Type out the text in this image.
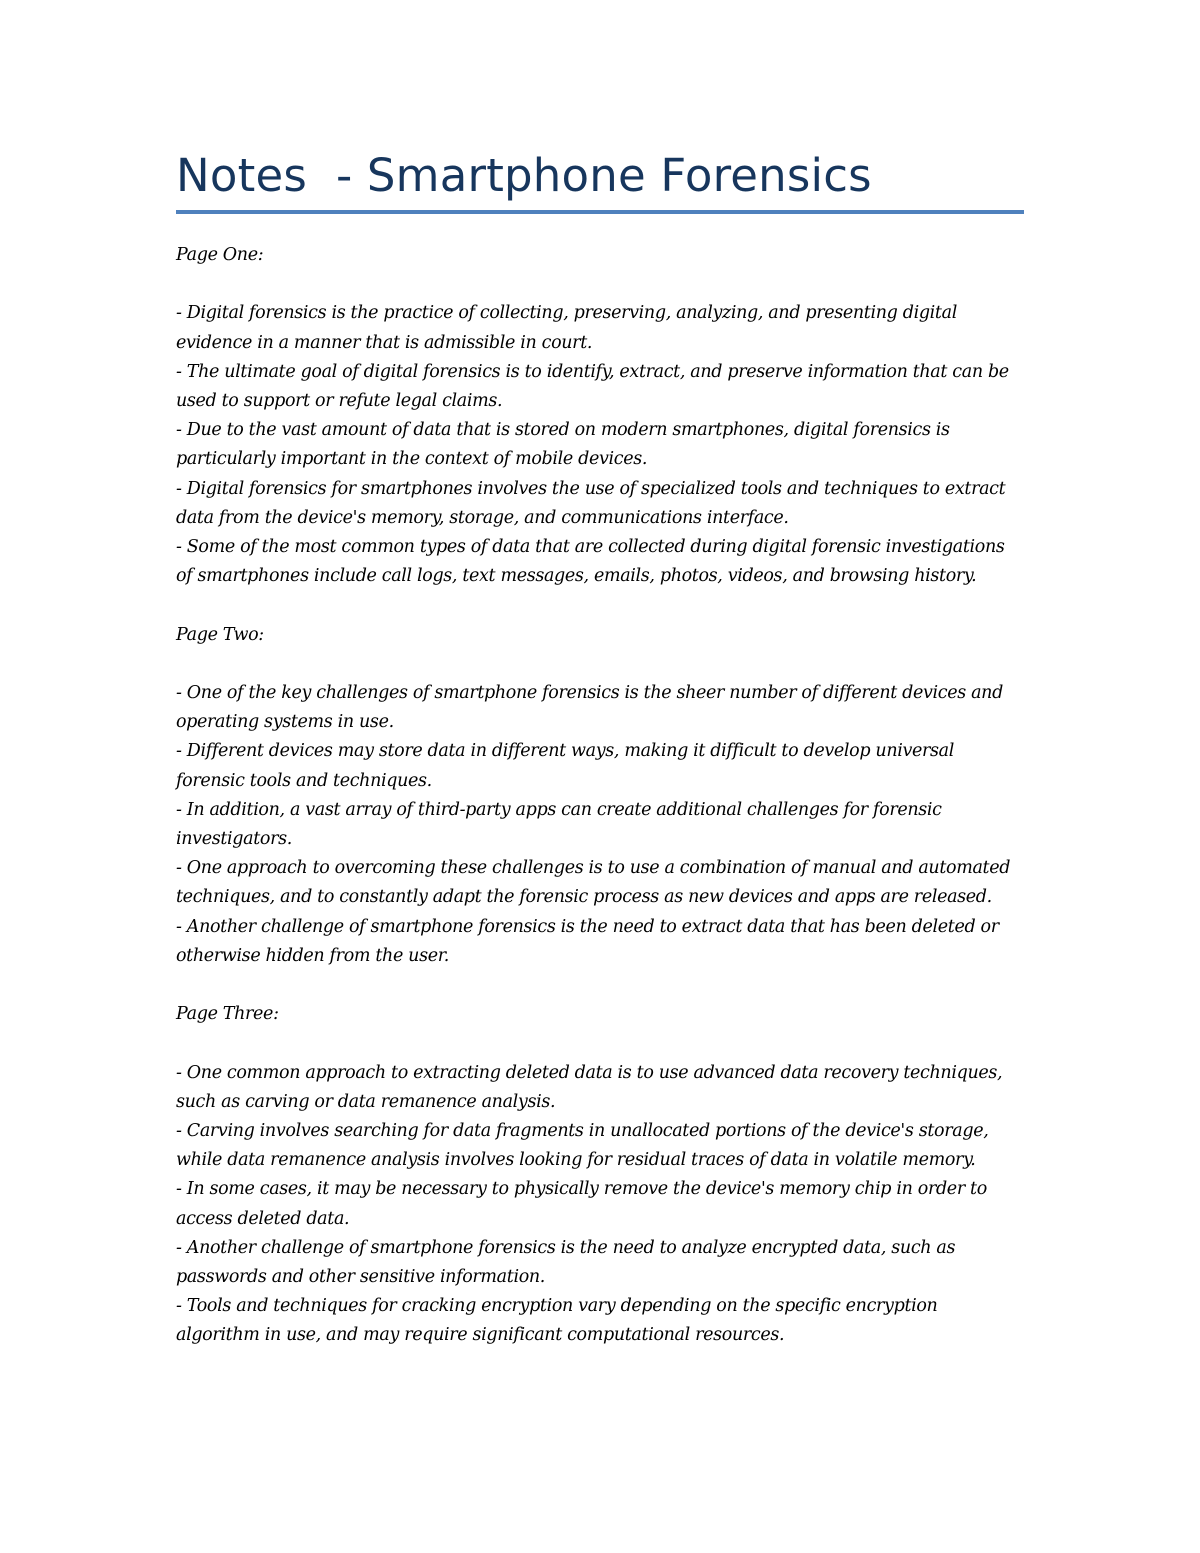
Notes  - Smartphone Forensics

Page One:

- Digital forensics is the practice of collecting, preserving, analyzing, and presenting digital evidence in a manner that is admissible in court.
- The ultimate goal of digital forensics is to identify, extract, and preserve information that can be used to support or refute legal claims.
- Due to the vast amount of data that is stored on modern smartphones, digital forensics is particularly important in the context of mobile devices.
- Digital forensics for smartphones involves the use of specialized tools and techniques to extract data from the device's memory, storage, and communications interface.
- Some of the most common types of data that are collected during digital forensic investigations of smartphones include call logs, text messages, emails, photos, videos, and browsing history.

Page Two:

- One of the key challenges of smartphone forensics is the sheer number of different devices and operating systems in use.
- Different devices may store data in different ways, making it difficult to develop universal forensic tools and techniques.
- In addition, a vast array of third-party apps can create additional challenges for forensic investigators.
- One approach to overcoming these challenges is to use a combination of manual and automated techniques, and to constantly adapt the forensic process as new devices and apps are released.
- Another challenge of smartphone forensics is the need to extract data that has been deleted or otherwise hidden from the user.

Page Three:

- One common approach to extracting deleted data is to use advanced data recovery techniques, such as carving or data remanence analysis.
- Carving involves searching for data fragments in unallocated portions of the device's storage, while data remanence analysis involves looking for residual traces of data in volatile memory.
- In some cases, it may be necessary to physically remove the device's memory chip in order to access deleted data.
- Another challenge of smartphone forensics is the need to analyze encrypted data, such as passwords and other sensitive information.
- Tools and techniques for cracking encryption vary depending on the specific encryption algorithm in use, and may require significant computational resources.
